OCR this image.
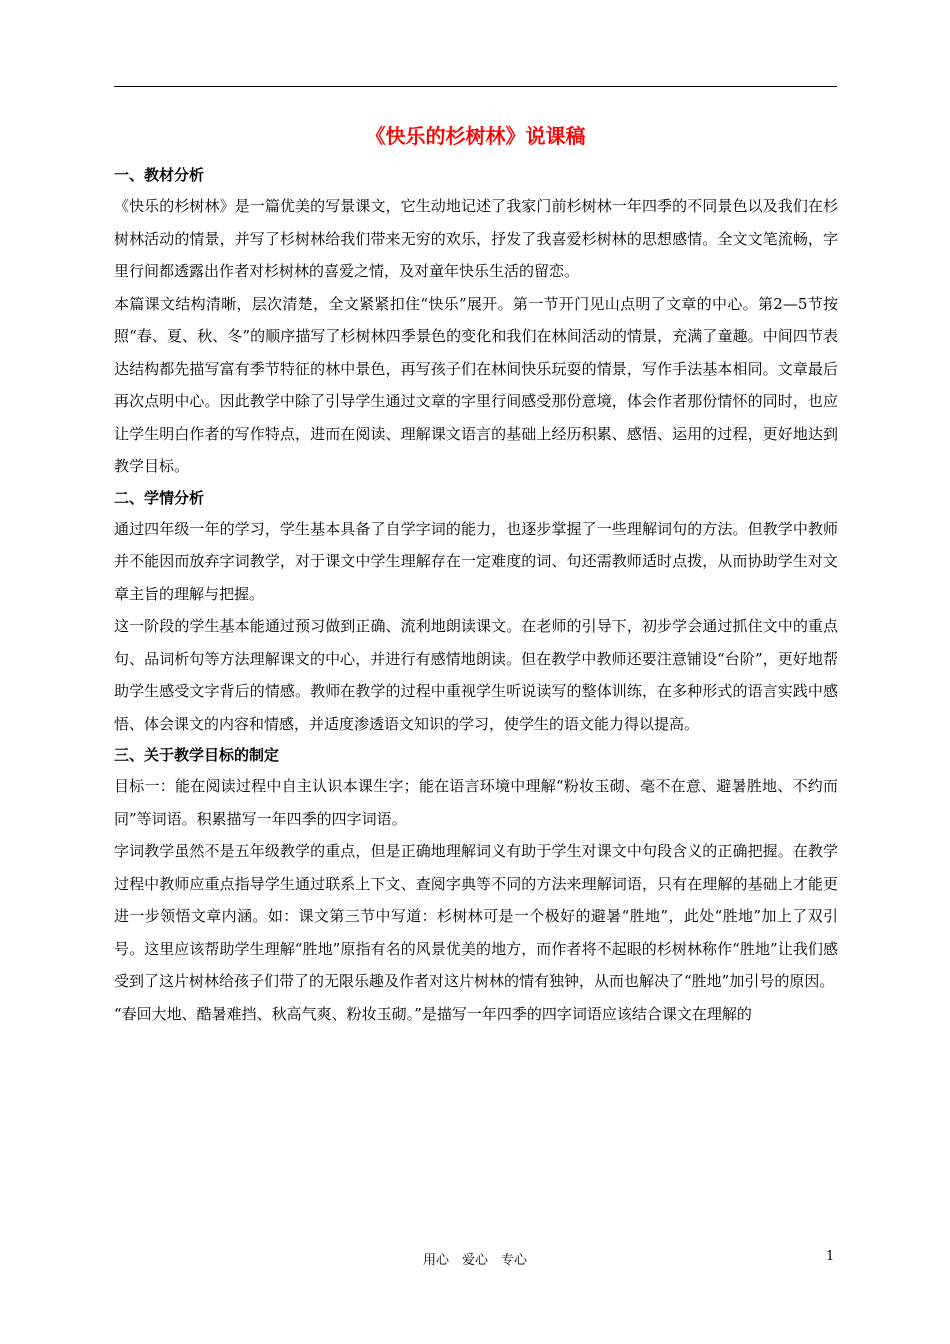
《快乐的杉树林》说课稿

一、教材分析

《快乐的杉树林》是一篇优美的写景课文，它生动地记述了我家门前杉树林一年四季的不同景色以及我们在杉树林活动的情景，并写了杉树林给我们带来无穷的欢乐，抒发了我喜爱杉树林的思想感情。全文文笔流畅，字里行间都透露出作者对杉树林的喜爱之情，及对童年快乐生活的留恋。

本篇课文结构清晰，层次清楚，全文紧紧扣住“快乐”展开。第一节开门见山点明了文章的中心。第2—5节按照“春、夏、秋、冬”的顺序描写了杉树林四季景色的变化和我们在林间活动的情景，充满了童趣。中间四节表达结构都先描写富有季节特征的林中景色，再写孩子们在林间快乐玩耍的情景，写作手法基本相同。文章最后再次点明中心。因此教学中除了引导学生通过文章的字里行间感受那份意境，体会作者那份情怀的同时，也应让学生明白作者的写作特点，进而在阅读、理解课文语言的基础上经历积累、感悟、运用的过程，更好地达到教学目标。

二、学情分析

通过四年级一年的学习，学生基本具备了自学字词的能力，也逐步掌握了一些理解词句的方法。但教学中教师并不能因而放弃字词教学，对于课文中学生理解存在一定难度的词、句还需教师适时点拨，从而协助学生对文章主旨的理解与把握。

这一阶段的学生基本能通过预习做到正确、流利地朗读课文。在老师的引导下，初步学会通过抓住文中的重点句、品词析句等方法理解课文的中心，并进行有感情地朗读。但在教学中教师还要注意铺设“台阶”，更好地帮助学生感受文字背后的情感。教师在教学的过程中重视学生听说读写的整体训练，在多种形式的语言实践中感悟、体会课文的内容和情感，并适度渗透语文知识的学习，使学生的语文能力得以提高。

三、关于教学目标的制定

目标一：能在阅读过程中自主认识本课生字；能在语言环境中理解“粉妆玉砌、毫不在意、避暑胜地、不约而同”等词语。积累描写一年四季的四字词语。

字词教学虽然不是五年级教学的重点，但是正确地理解词义有助于学生对课文中句段含义的正确把握。在教学过程中教师应重点指导学生通过联系上下文、查阅字典等不同的方法来理解词语，只有在理解的基础上才能更进一步领悟文章内涵。如：课文第三节中写道：杉树林可是一个极好的避暑“胜地”，此处“胜地”加上了双引号。这里应该帮助学生理解“胜地”原指有名的风景优美的地方，而作者将不起眼的杉树林称作“胜地”让我们感受到了这片树林给孩子们带了的无限乐趣及作者对这片树林的情有独钟，从而也解决了“胜地”加引号的原因。

“春回大地、酷暑难挡、秋高气爽、粉妆玉砌。”是描写一年四季的四字词语应该结合课文在理解的

用心　爱心　专心	1
